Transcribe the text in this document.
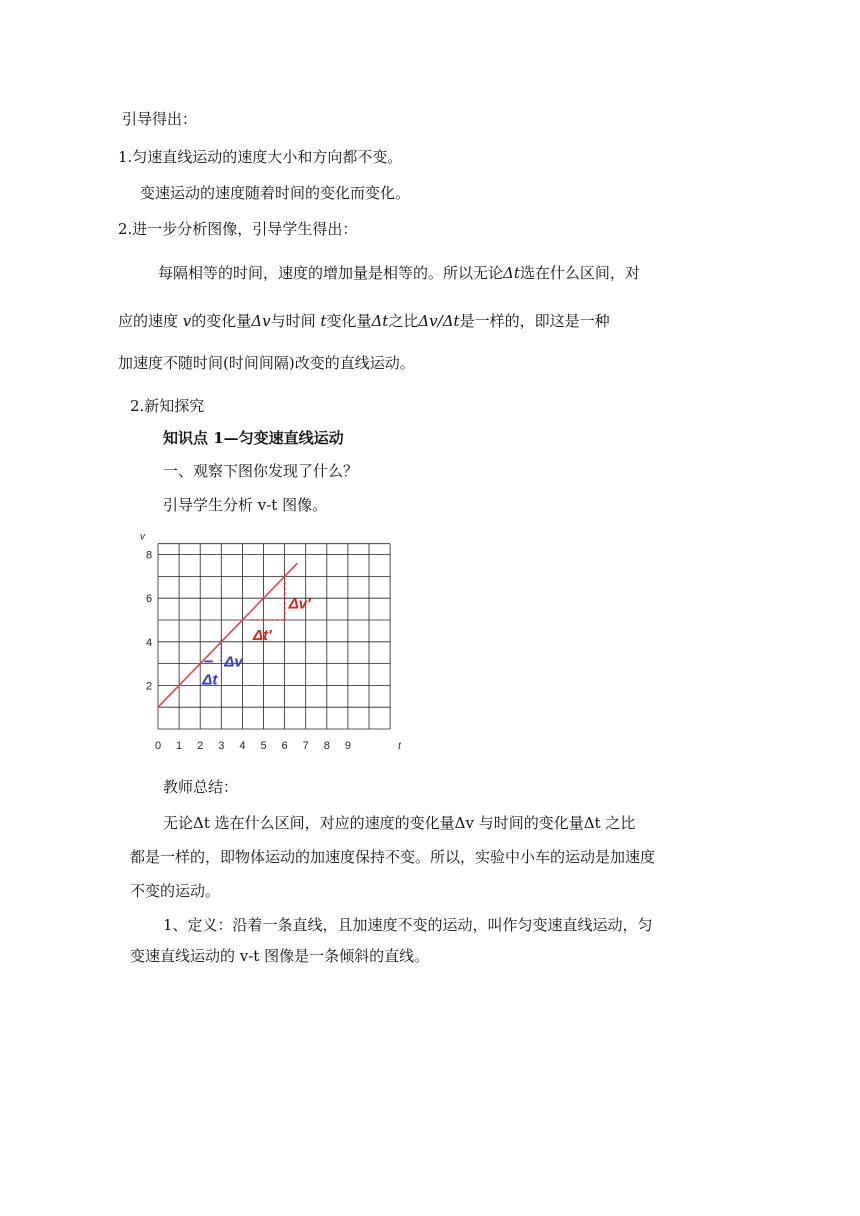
引导得出：
1.匀速直线运动的速度大小和方向都不变。
变速运动的速度随着时间的变化而变化。
2.进一步分析图像，引导学生得出：
每隔相等的时间，速度的增加量是相等的。所以无论Δt选在什么区间，对
应的速度 v的变化量Δv与时间 t变化量Δt之比Δv/Δt是一样的，即这是一种
加速度不随时间(时间间隔)改变的直线运动。
2.新知探究
知识点 1—匀变速直线运动
一、观察下图你发现了什么？
引导学生分析 v-t 图像。
v
t
0 1 2 3 4 5 6 7 8 9
2
4
6
8
Δv
Δt
Δv′
Δt′
教师总结：
无论Δt 选在什么区间，对应的速度的变化量Δv 与时间的变化量Δt 之比
都是一样的，即物体运动的加速度保持不变。所以，实验中小车的运动是加速度
不变的运动。
1、定义：沿着一条直线，且加速度不变的运动，叫作匀变速直线运动，匀
变速直线运动的 v-t 图像是一条倾斜的直线。
